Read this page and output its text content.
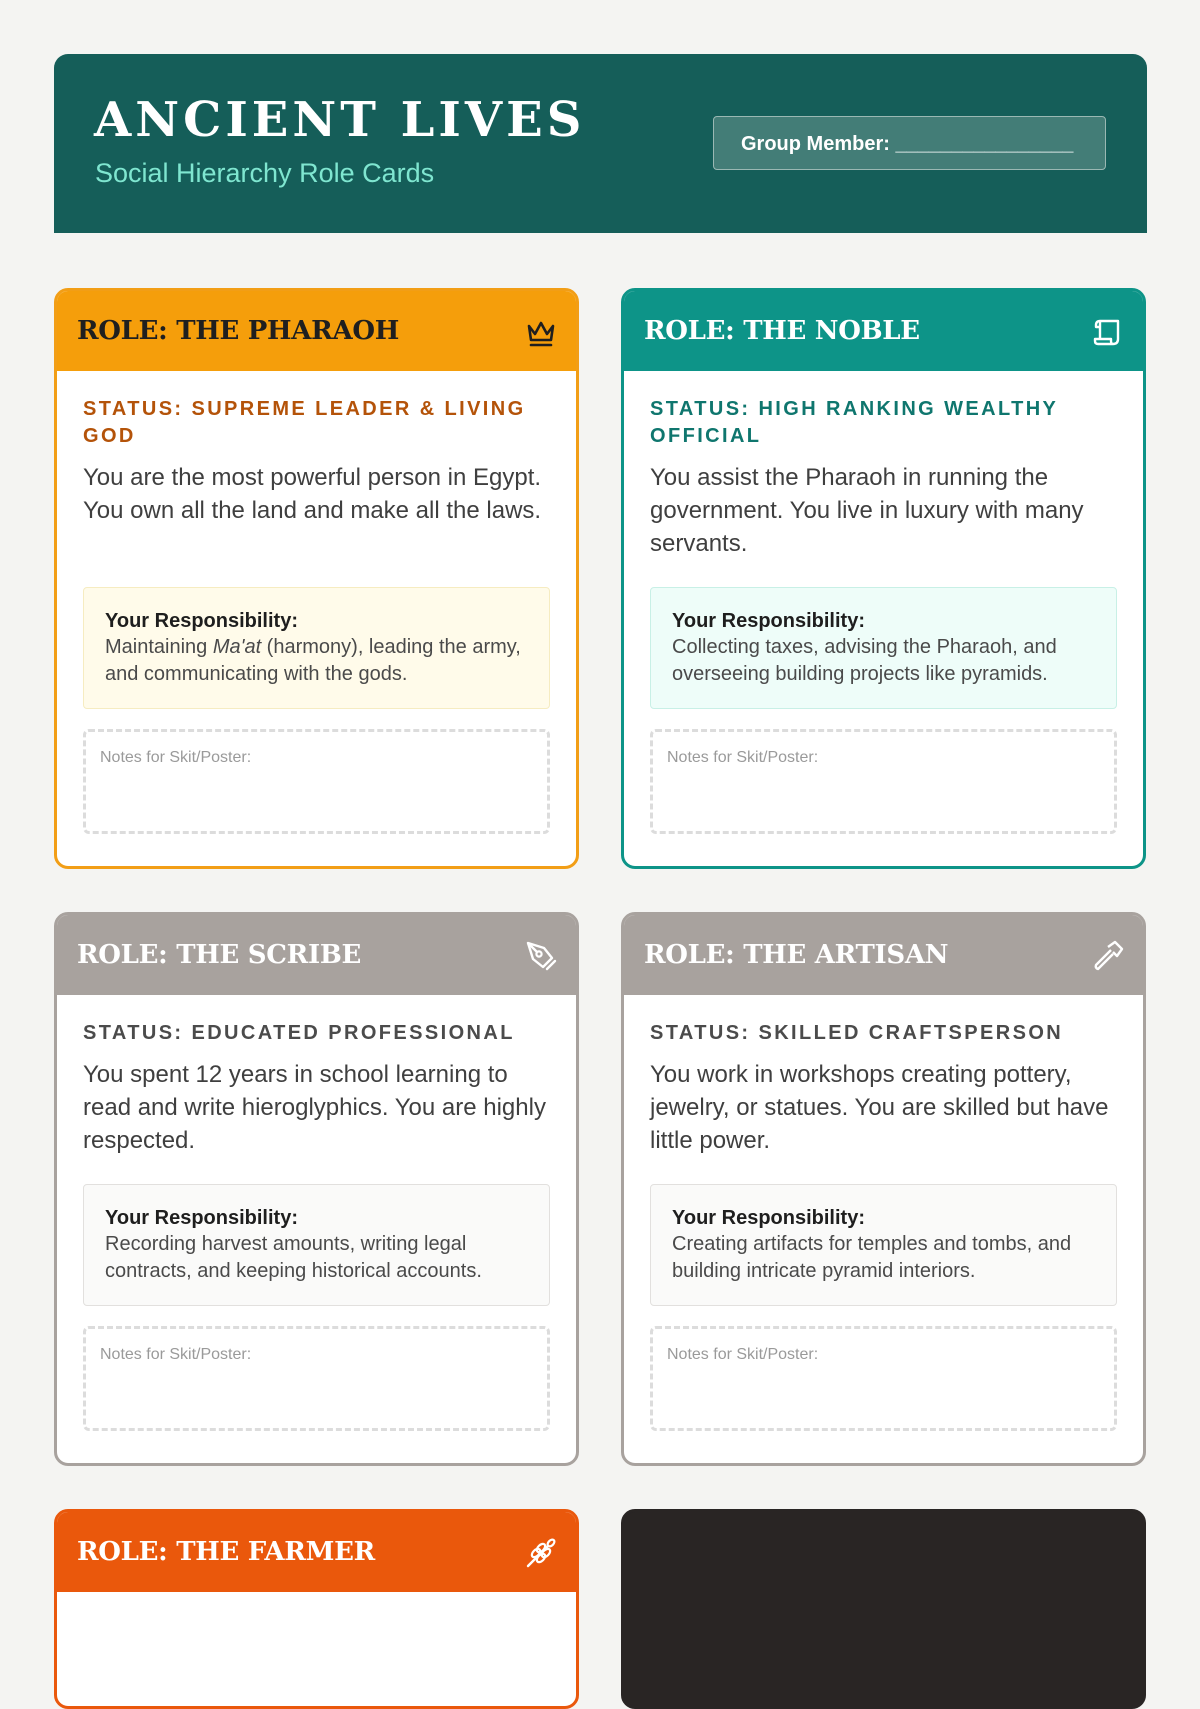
ANCIENT LIVES
Social Hierarchy Role Cards
Group Member: ________________
ROLE: THE PHARAOH
STATUS: SUPREME LEADER & LIVING GOD
You are the most powerful person in Egypt. You own all the land and make all the laws.
Your Responsibility:
Maintaining Ma'at (harmony), leading the army, and communicating with the gods.
Notes for Skit/Poster:
ROLE: THE NOBLE
STATUS: HIGH RANKING WEALTHY OFFICIAL
You assist the Pharaoh in running the government. You live in luxury with many servants.
Your Responsibility:
Collecting taxes, advising the Pharaoh, and overseeing building projects like pyramids.
Notes for Skit/Poster:
ROLE: THE SCRIBE
STATUS: EDUCATED PROFESSIONAL
You spent 12 years in school learning to read and write hieroglyphics. You are highly respected.
Your Responsibility:
Recording harvest amounts, writing legal contracts, and keeping historical accounts.
Notes for Skit/Poster:
ROLE: THE ARTISAN
STATUS: SKILLED CRAFTSPERSON
You work in workshops creating pottery, jewelry, or statues. You are skilled but have little power.
Your Responsibility:
Creating artifacts for temples and tombs, and building intricate pyramid interiors.
Notes for Skit/Poster:
ROLE: THE FARMER
